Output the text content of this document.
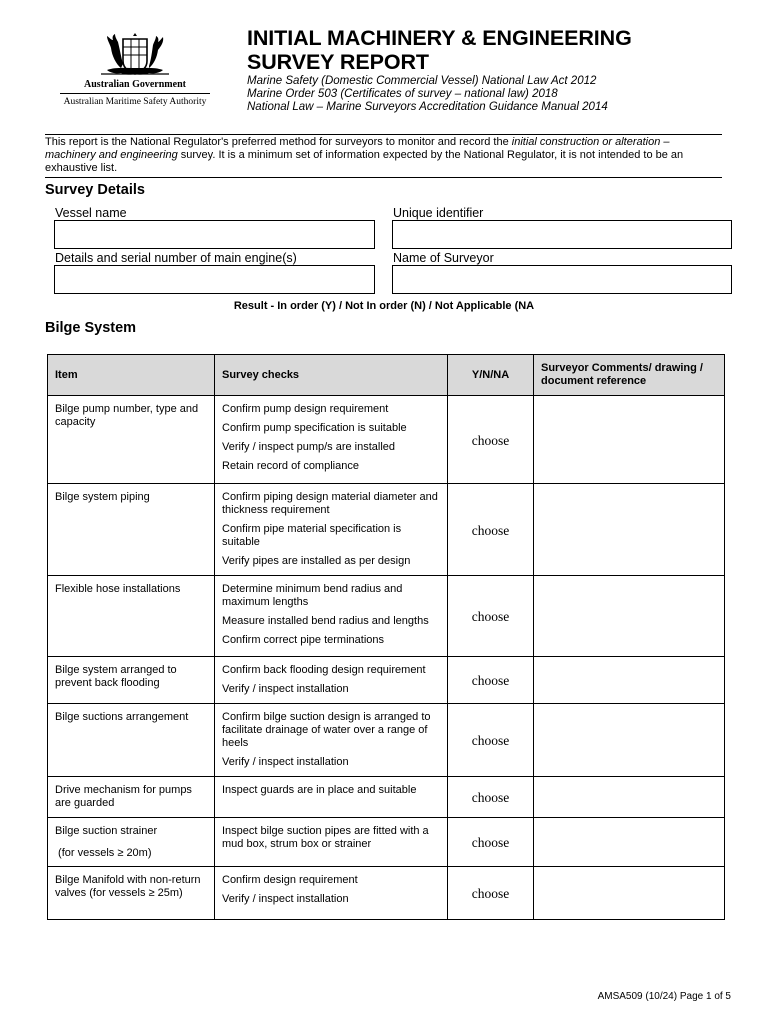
Australian Government
Australian Maritime Safety Authority
INITIAL MACHINERY & ENGINEERING
SURVEY REPORT
Marine Safety (Domestic Commercial Vessel) National Law Act 2012
Marine Order 503 (Certificates of survey – national law) 2018
National Law – Marine Surveyors Accreditation Guidance Manual 2014
This report is the National Regulator's preferred method for surveyors to monitor and record the initial construction or alteration – machinery and engineering survey. It is a minimum set of information expected by the National Regulator, it is not intended to be an exhaustive list.
Survey Details
Vessel name	Unique identifier
Details and serial number of main engine(s)	Name of Surveyor
Result - In order (Y) / Not In order (N) / Not Applicable (NA
Bilge System
Item	Survey checks	Y/N/NA	Surveyor Comments/ drawing / document reference

Bilge pump number, type and capacity	Confirm pump design requirement
Confirm pump specification is suitable
Verify / inspect pump/s are installed
Retain record of compliance	choose	

Bilge system piping	Confirm piping design material diameter and thickness requirement
Confirm pipe material specification is suitable
Verify pipes are installed as per design	choose	

Flexible hose installations	Determine minimum bend radius and maximum lengths
Measure installed bend radius and lengths
Confirm correct pipe terminations	choose	

Bilge system arranged to prevent back flooding	Confirm back flooding design requirement
Verify / inspect installation	choose	

Bilge suctions arrangement	Confirm bilge suction design is arranged to facilitate drainage of water over a range of heels
Verify / inspect installation	choose	

Drive mechanism for pumps are guarded	Inspect guards are in place and suitable	choose	

Bilge suction strainer
(for vessels ≥ 20m)	Inspect bilge suction pipes are fitted with a mud box, strum box or strainer	choose	

Bilge Manifold with non-return valves (for vessels ≥ 25m)	Confirm design requirement
Verify / inspect installation	choose	
AMSA509 (10/24) Page 1 of 5
